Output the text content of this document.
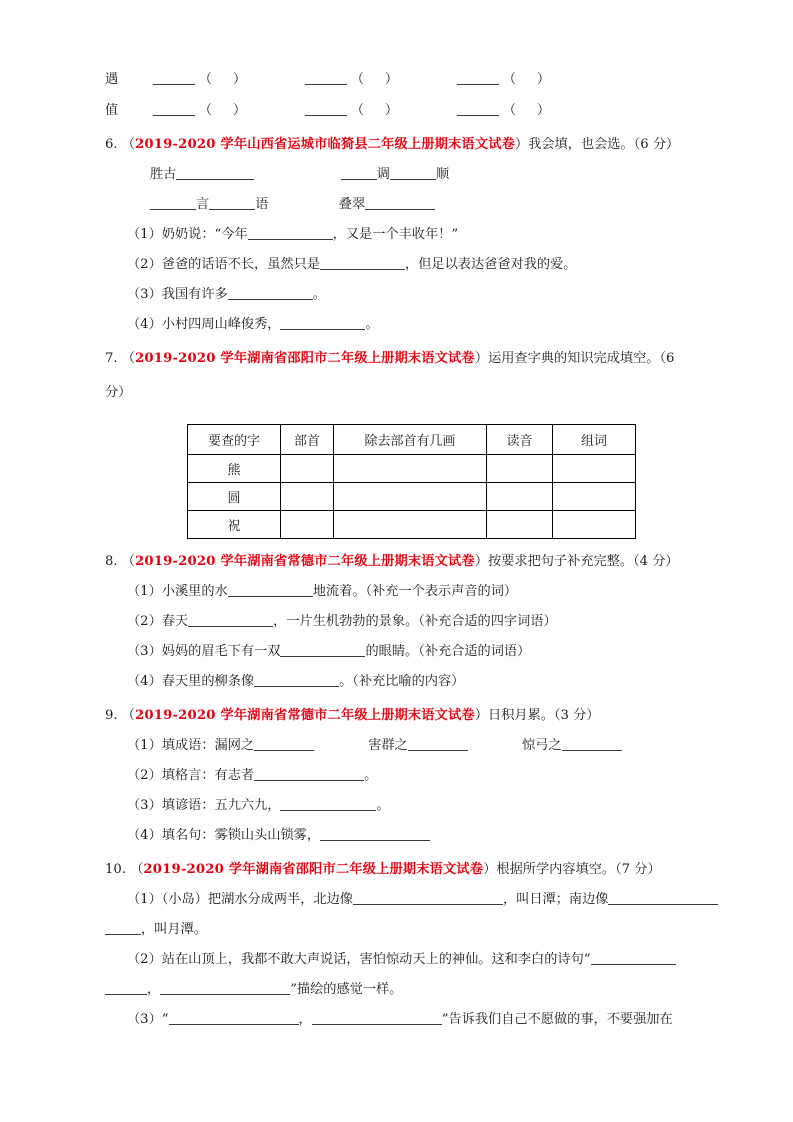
遇	（     ）	（     ）	（     ）
值	（     ）	（     ）	（     ）
6. （2019-2020 学年山西省运城市临猗县二年级上册期末语文试卷）我会填，也会选。（6 分）
胜古	调	顺
言	语	叠翠
（1）奶奶说：“今年	，又是一个丰收年！”
（2）爸爸的话语不长，虽然只是	，但足以表达爸爸对我的爱。
（3）我国有许多	。
（4）小村四周山峰俊秀，	。
7. （2019-2020 学年湖南省邵阳市二年级上册期末语文试卷）运用查字典的知识完成填空。（6
分）
要查的字	部首	除去部首有几画	读音	组词
熊				
圆				
祝				
8. （2019-2020 学年湖南省常德市二年级上册期末语文试卷）按要求把句子补充完整。（4 分）
（1）小溪里的水	地流着。（补充一个表示声音的词）
（2）春天	，一片生机勃勃的景象。（补充合适的四字词语）
（3）妈妈的眉毛下有一双	的眼睛。（补充合适的词语）
（4）春天里的柳条像	。（补充比喻的内容）
9. （2019-2020 学年湖南省常德市二年级上册期末语文试卷）日积月累。（3 分）
（1）填成语：漏网之	害群之	惊弓之
（2）填格言：有志者	。
（3）填谚语：五九六九，	。
（4）填名句：雾锁山头山锁雾，
10. （2019-2020 学年湖南省邵阳市二年级上册期末语文试卷）根据所学内容填空。（7 分）
（1）（小岛）把湖水分成两半，北边像	，叫日潭；南边像
，叫月潭。
（2）站在山顶上，我都不敢大声说话，害怕惊动天上的神仙。这和李白的诗句“
，	”描绘的感觉一样。
（3）“	，	”告诉我们自己不愿做的事，不要强加在
